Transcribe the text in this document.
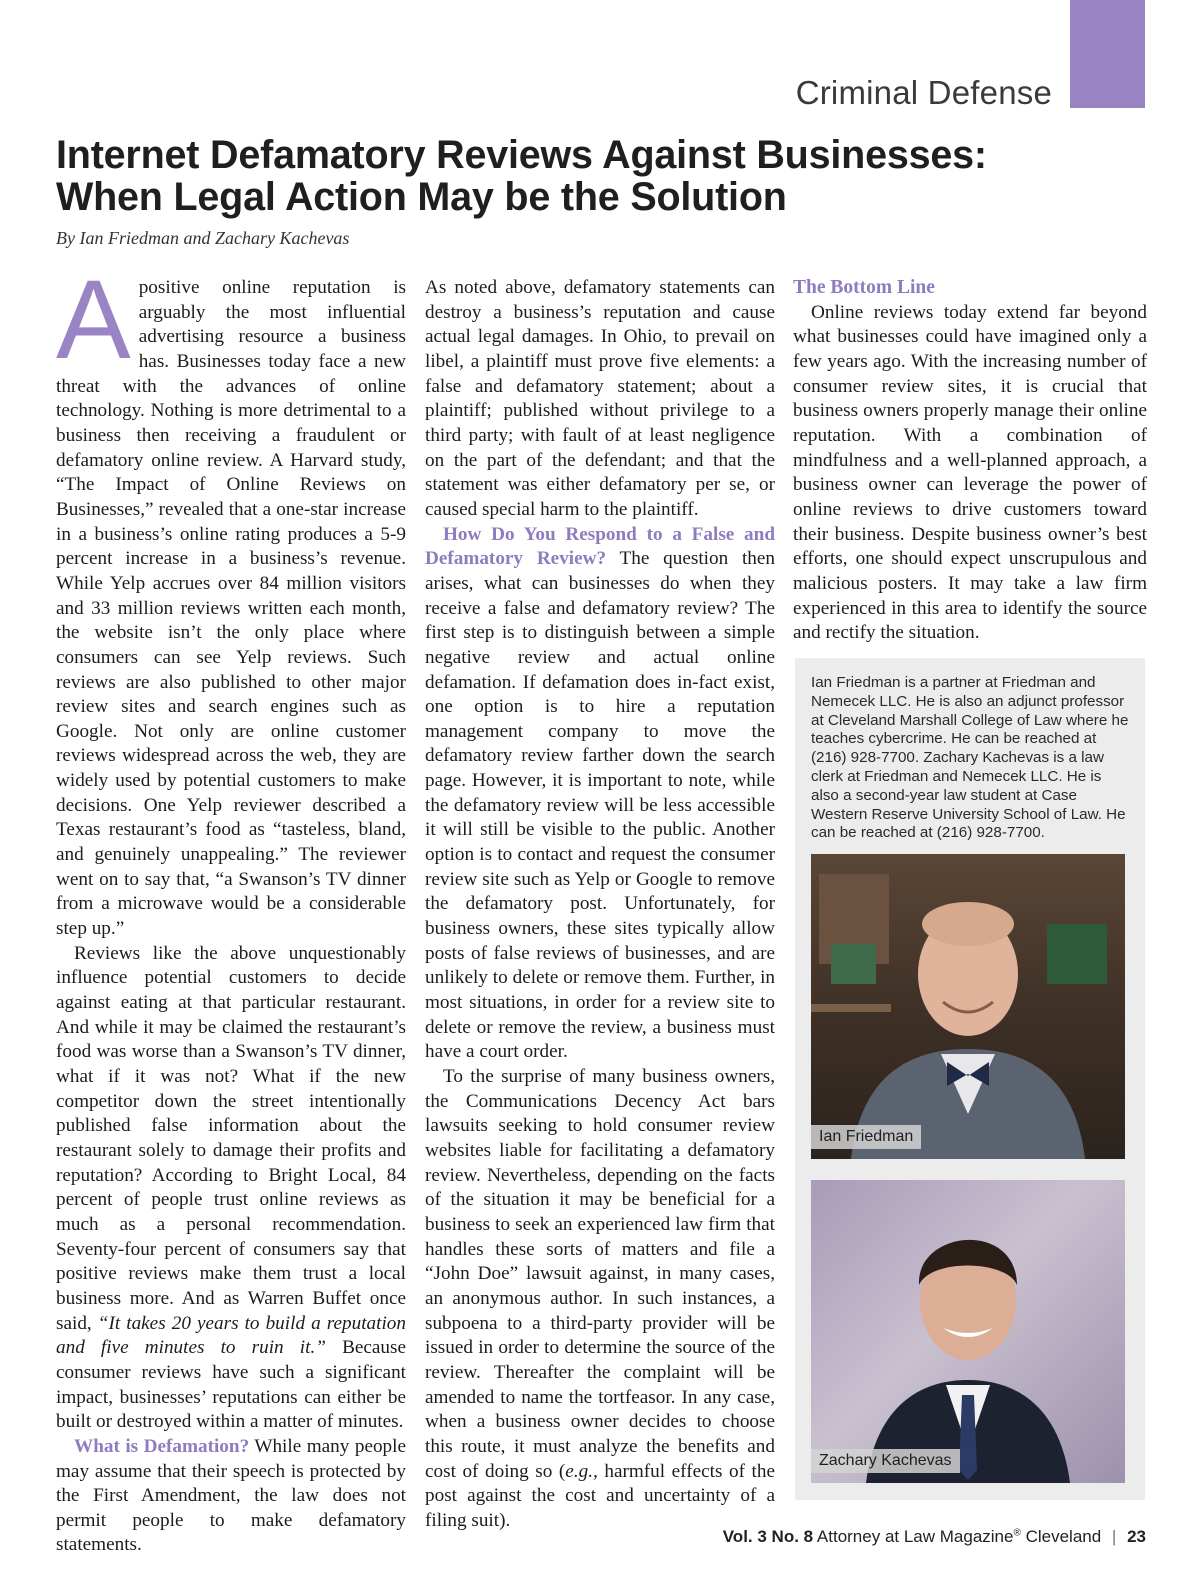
Criminal Defense
Internet Defamatory Reviews Against Businesses:
When Legal Action May be the Solution
By Ian Friedman and Zachary Kachevas

Apositive online reputation is arguably the most influential advertising resource a business has. Businesses today face a new threat with the advances of online technology. Nothing is more detrimental to a business then receiving a fraudulent or defamatory online review. A Harvard study, “The Impact of Online Reviews on Businesses,” revealed that a one-star increase in a business’s online rating produces a 5-9 percent increase in a business’s revenue. While Yelp accrues over 84 million visitors and 33 million reviews written each month, the website isn’t the only place where consumers can see Yelp reviews. Such reviews are also published to other major review sites and search engines such as Google. Not only are online customer reviews widespread across the web, they are widely used by potential customers to make decisions. One Yelp reviewer described a Texas restaurant’s food as “tasteless, bland, and genuinely unappealing.” The reviewer went on to say that, “a Swanson’s TV dinner from a microwave would be a considerable step up.”

Reviews like the above unquestionably influence potential customers to decide against eating at that particular restaurant. And while it may be claimed the restaurant’s food was worse than a Swanson’s TV dinner, what if it was not? What if the new competitor down the street intentionally published false information about the restaurant solely to damage their profits and reputation? According to Bright Local, 84 percent of people trust online reviews as much as a personal recommendation. Seventy-four percent of consumers say that positive reviews make them trust a local business more. And as Warren Buffet once said, “It takes 20 years to build a reputation and five minutes to ruin it.” Because consumer reviews have such a significant impact, businesses’ reputations can either be built or destroyed within a matter of minutes.

What is Defamation? While many people may assume that their speech is protected by the First Amendment, the law does not permit people to make defamatory statements.

As noted above, defamatory statements can destroy a business’s reputation and cause actual legal damages. In Ohio, to prevail on libel, a plaintiff must prove five elements: a false and defamatory statement; about a plaintiff; published without privilege to a third party; with fault of at least negligence on the part of the defendant; and that the statement was either defamatory per se, or caused special harm to the plaintiff.

How Do You Respond to a False and Defamatory Review? The question then arises, what can businesses do when they receive a false and defamatory review? The first step is to distinguish between a simple negative review and actual online defamation. If defamation does in-fact exist, one option is to hire a reputation management company to move the defamatory review farther down the search page. However, it is important to note, while the defamatory review will be less accessible it will still be visible to the public. Another option is to contact and request the consumer review site such as Yelp or Google to remove the defamatory post. Unfortunately, for business owners, these sites typically allow posts of false reviews of businesses, and are unlikely to delete or remove them. Further, in most situations, in order for a review site to delete or remove the review, a business must have a court order.

To the surprise of many business owners, the Communications Decency Act bars lawsuits seeking to hold consumer review websites liable for facilitating a defamatory review. Nevertheless, depending on the facts of the situation it may be beneficial for a business to seek an experienced law firm that handles these sorts of matters and file a “John Doe” lawsuit against, in many cases, an anonymous author. In such instances, a subpoena to a third-party provider will be issued in order to determine the source of the review. Thereafter the complaint will be amended to name the tortfeasor. In any case, when a business owner decides to choose this route, it must analyze the benefits and cost of doing so (e.g., harmful effects of the post against the cost and uncertainty of a filing suit).

The Bottom Line

Online reviews today extend far beyond what businesses could have imagined only a few years ago. With the increasing number of consumer review sites, it is crucial that business owners properly manage their online reputation. With a combination of mindfulness and a well-planned approach, a business owner can leverage the power of online reviews to drive customers toward their business. Despite business owner’s best efforts, one should expect unscrupulous and malicious posters. It may take a law firm experienced in this area to identify the source and rectify the situation.

Ian Friedman is a partner at Friedman and Nemecek LLC. He is also an adjunct professor at Cleveland Marshall College of Law where he teaches cybercrime. He can be reached at (216) 928-7700. Zachary Kachevas is a law clerk at Friedman and Nemecek LLC. He is also a second-year law student at Case Western Reserve University School of Law. He can be reached at (216) 928-7700.
Ian Friedman
Zachary Kachevas
Vol. 3 No. 8 Attorney at Law Magazine® Cleveland | 23
